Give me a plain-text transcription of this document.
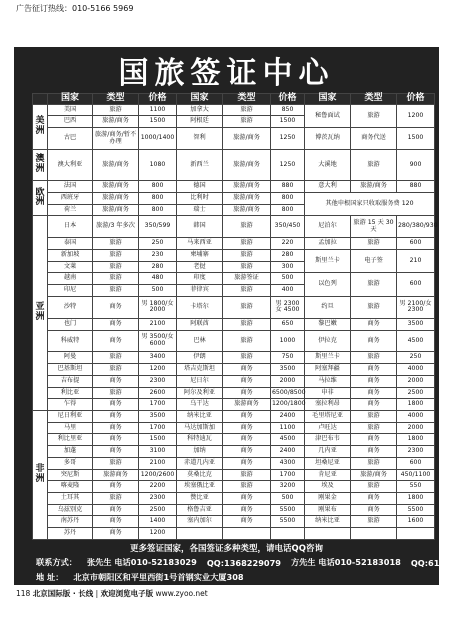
广告征订热线：010-5166 5969
国旅签证中心
	国家	类型	价格	国家	类型	价格	国家	类型	价格

美
洲	美国	旅游	1100	加拿大	旅游	850	秘鲁面试	旅游	1200
	巴西	旅游/商务	1500	阿根廷	旅游	1500			
	古巴	旅游/商务/暂不办理	1000/1400	智利	旅游/商务	1250	博茨瓦纳	商务代送	1500

澳
洲	澳大利亚	旅游/商务	1080	新西兰	旅游/商务	1250	大溪地	旅游	900

欧
洲	法国	旅游/商务	800	德国	旅游/商务	880	意大利	旅游/商务	880
	西班牙	旅游/商务	800	比利时	旅游/商务	800	其他申根国家只收取服务费 120		
	荷兰	旅游/商务	800	瑞士	旅游/商务	800			

亚
洲	日本	旅游/3 年多次	350/599	韩国	旅游	350/450	尼泊尔	旅游 15 天 30 天	280/380/930
	泰国	旅游	250	马来西亚	旅游	220	孟加拉	旅游	600
	新加坡	旅游	230	柬埔寨	旅游	280	斯里兰卡	电子签	210
	文莱	旅游	280	老挝	旅游	300			
	越南	旅游	480	印度	旅游签证	500	以色列	旅游	600
	印尼	旅游	500	菲律宾	旅游	400			
	沙特	商务	男 1800/女 2000	卡塔尔	旅游	男 2300 女 4500	约旦	旅游	男 2100/女 2300
	也门	商务	2100	阿联酋	旅游	650	黎巴嫩	商务	3500
	科威特	商务	男 3500/女 6000	巴林	旅游	1000	伊拉克	商务	4500
	阿曼	旅游	3400	伊朗	旅游	750	斯里兰卡	旅游	250
	巴基斯坦	旅游	1200	塔吉克斯坦	商务	3500	阿塞拜疆	商务	4000
	吉布提	商务	2300	尼日尔	商务	2000	马拉维	商务	2000
	利比亚	旅游	2600	阿尔及利亚	商务	6500/8500	申非	商务	2500
	乍得	商务	1700	乌干达	旅游商务	1200/1800	塞拉利昂	商务	1800

非
洲	尼日利亚	商务	3500	纳米比亚	商务	2400	毛里塔尼亚	旅游	4000
	马里	商务	1700	马达加斯加	商务	1100	卢旺达	旅游	2000
	利比里亚	商务	1500	科特迪瓦	商务	4500	津巴布韦	商务	1800
	加蓬	商务	3100	加纳	商务	2400	几内亚	商务	2300
	多哥	旅游	2100	赤道几内亚	商务	4300	坦桑尼亚	旅游	600
	突尼斯	旅游商务	1200/2600	莫桑比克	旅游	1700	肯尼亚	旅游/商务	450/1100
	喀麦隆	商务	2200	埃塞俄比亚	旅游	3200	埃及	旅游	550
	土耳其	旅游	2300	赞比亚	商务	500	刚果金	商务	1800
	乌兹别克	商务	2500	格鲁吉亚	商务	5500	刚果布	商务	5500
	南苏丹	商务	1400	塞内加尔	商务	5500	纳米比亚	旅游	1600
	苏丹	商务	1200						
更多签证国家，各国签证多种类型，请电话QQ咨询
联系方式： 张先生 电话010-52183029 QQ:1368229079 方先生 电话010-52183018 QQ:613899
地 址： 北京市朝阳区和平里西街1号首钢实业大厦308
118 北京国际版 · 长线 | 欢迎浏览电子版 www.zyoo.net
